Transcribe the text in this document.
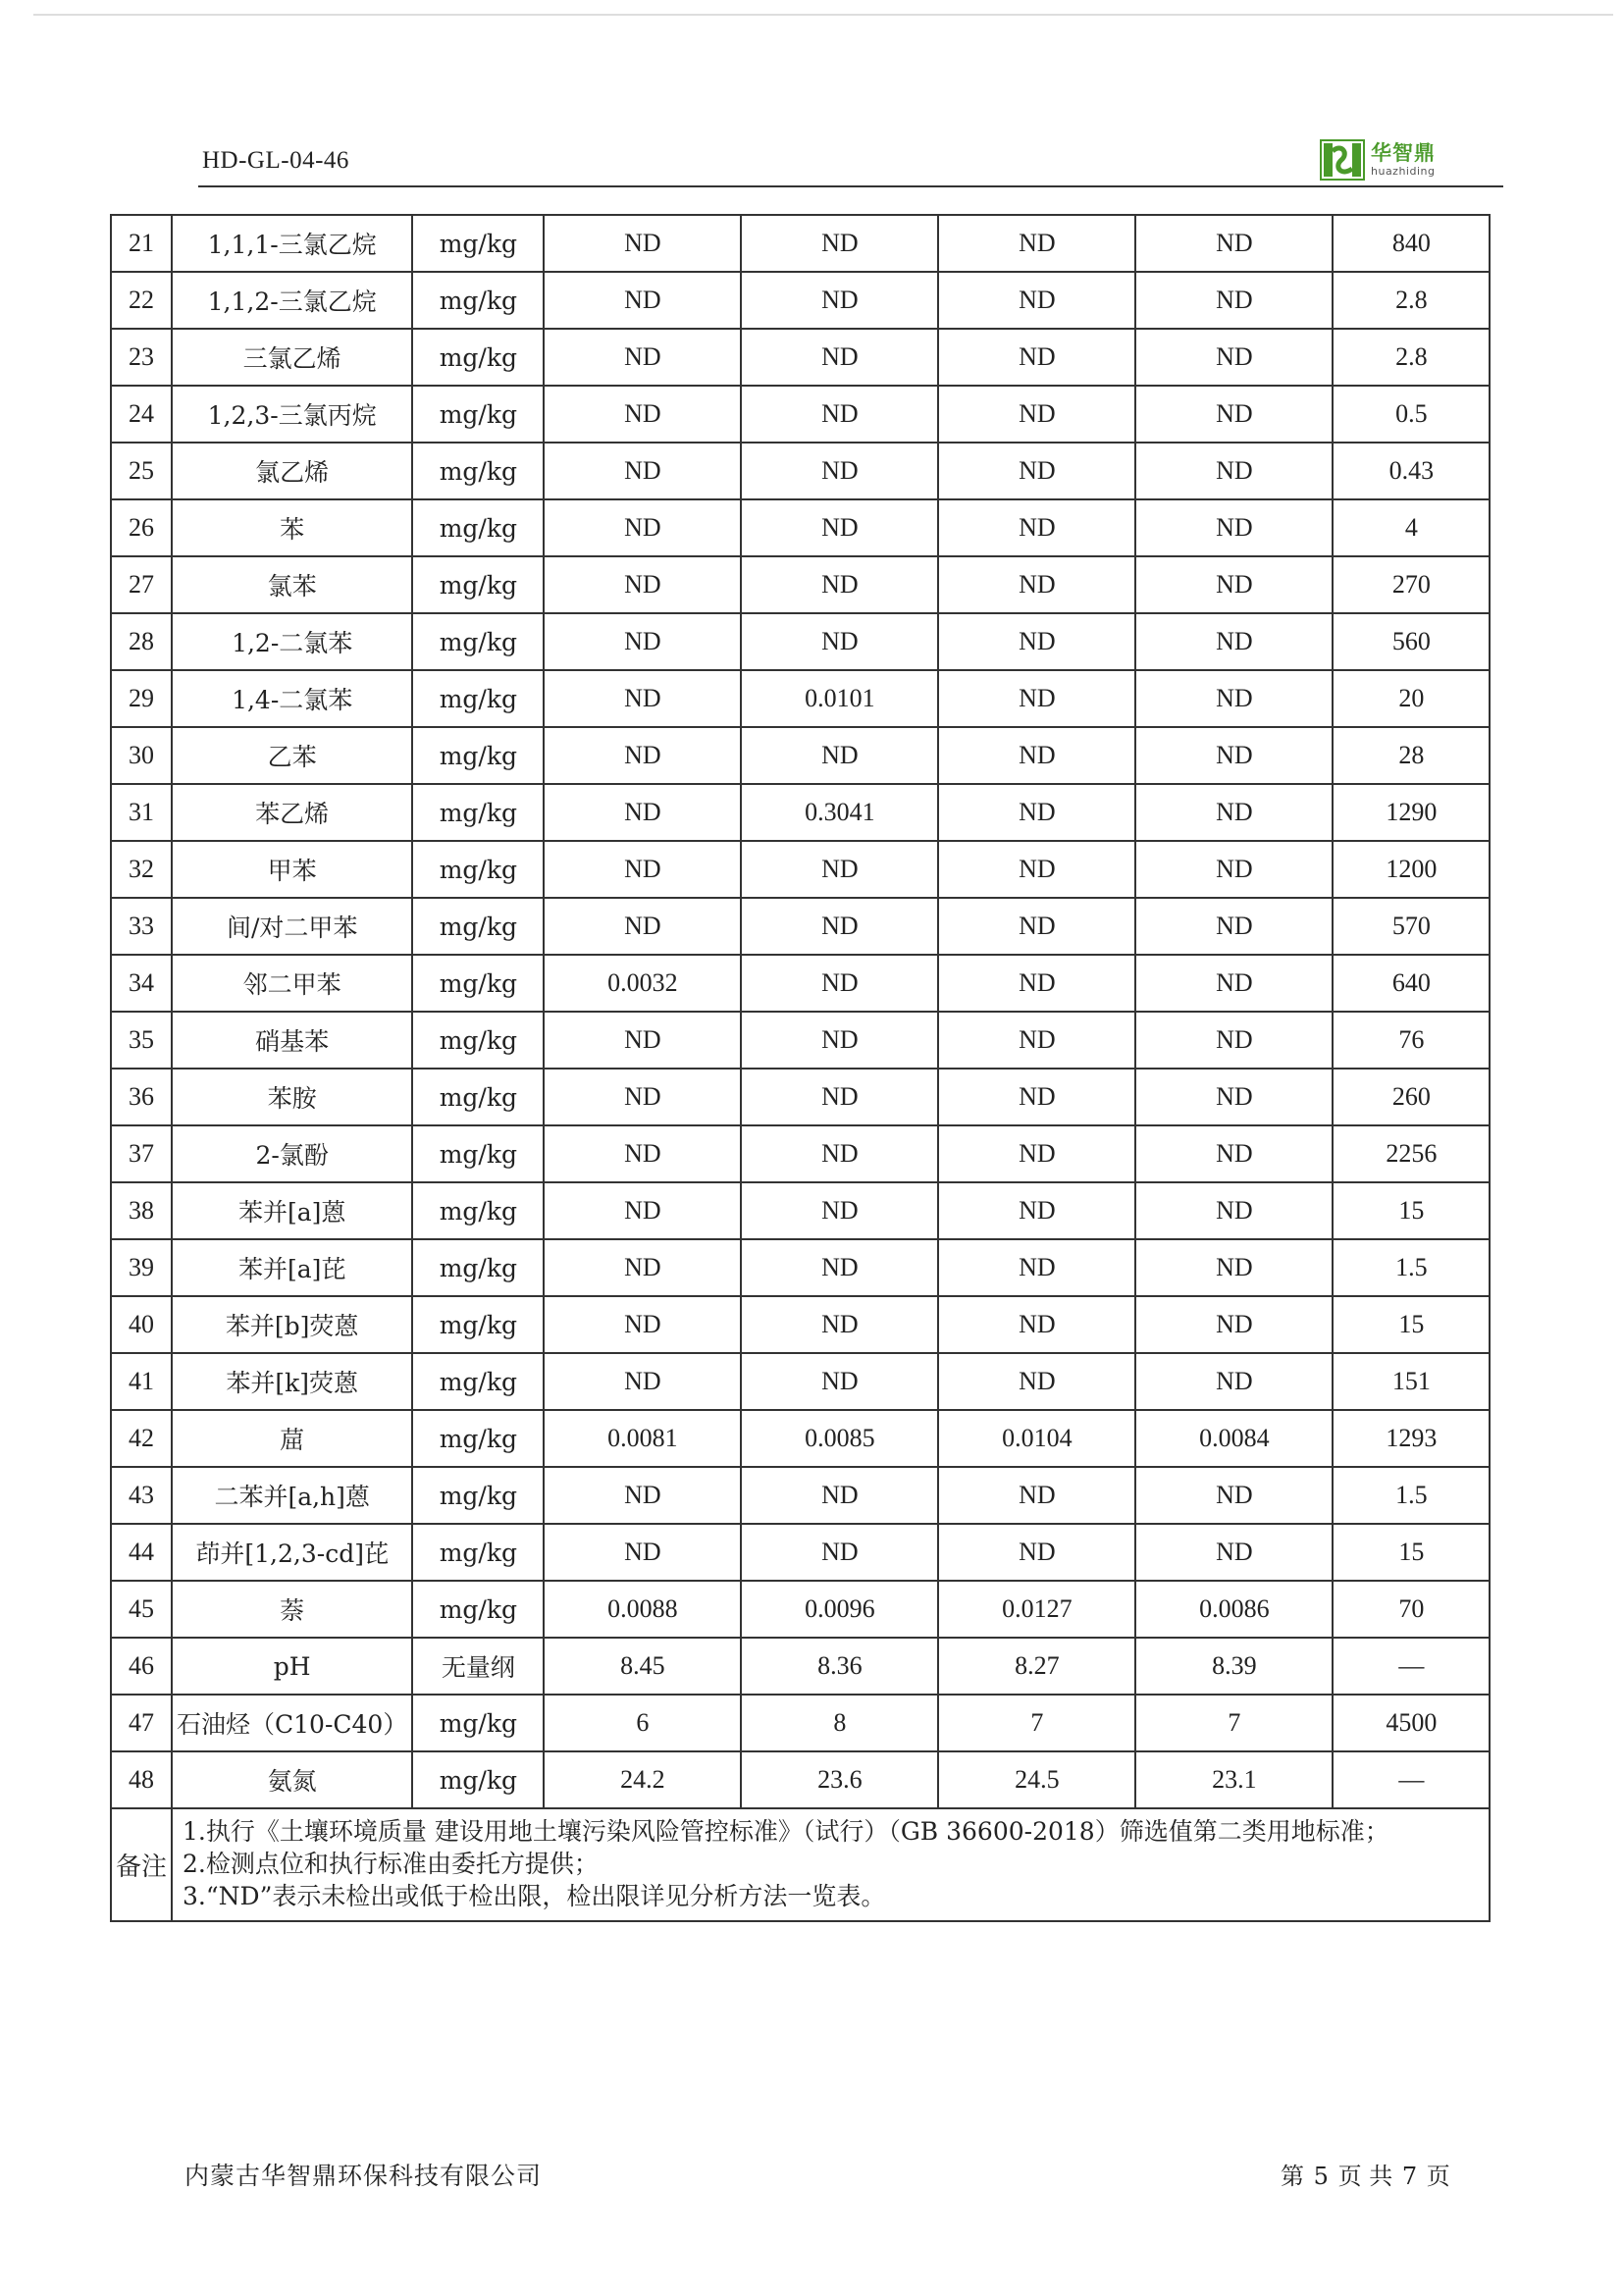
HD-GL-04-46	华智鼎
huazhiding
21	1,1,1-三氯乙烷	mg/kg	ND	ND	ND	ND	840
22	1,1,2-三氯乙烷	mg/kg	ND	ND	ND	ND	2.8
23	三氯乙烯	mg/kg	ND	ND	ND	ND	2.8
24	1,2,3-三氯丙烷	mg/kg	ND	ND	ND	ND	0.5
25	氯乙烯	mg/kg	ND	ND	ND	ND	0.43
26	苯	mg/kg	ND	ND	ND	ND	4
27	氯苯	mg/kg	ND	ND	ND	ND	270
28	1,2-二氯苯	mg/kg	ND	ND	ND	ND	560
29	1,4-二氯苯	mg/kg	ND	0.0101	ND	ND	20
30	乙苯	mg/kg	ND	ND	ND	ND	28
31	苯乙烯	mg/kg	ND	0.3041	ND	ND	1290
32	甲苯	mg/kg	ND	ND	ND	ND	1200
33	间/对二甲苯	mg/kg	ND	ND	ND	ND	570
34	邻二甲苯	mg/kg	0.0032	ND	ND	ND	640
35	硝基苯	mg/kg	ND	ND	ND	ND	76
36	苯胺	mg/kg	ND	ND	ND	ND	260
37	2-氯酚	mg/kg	ND	ND	ND	ND	2256
38	苯并[a]蒽	mg/kg	ND	ND	ND	ND	15
39	苯并[a]芘	mg/kg	ND	ND	ND	ND	1.5
40	苯并[b]荧蒽	mg/kg	ND	ND	ND	ND	15
41	苯并[k]荧蒽	mg/kg	ND	ND	ND	ND	151
42	䓛	mg/kg	0.0081	0.0085	0.0104	0.0084	1293
43	二苯并[a,h]蒽	mg/kg	ND	ND	ND	ND	1.5
44	茚并[1,2,3-cd]芘	mg/kg	ND	ND	ND	ND	15
45	萘	mg/kg	0.0088	0.0096	0.0127	0.0086	70
46	pH	无量纲	8.45	8.36	8.27	8.39	—
47	石油烃（C10-C40）	mg/kg	6	8	7	7	4500
48	氨氮	mg/kg	24.2	23.6	24.5	23.1	—
备注	1.执行《土壤环境质量 建设用地土壤污染风险管控标准》（试行）（GB 36600-2018）筛选值第二类用地标准；

2.检测点位和执行标准由委托方提供；

3.“ND”表示未检出或低于检出限，检出限详见分析方法一览表。						

内蒙古华智鼎环保科技有限公司	第 5 页 共 7 页
